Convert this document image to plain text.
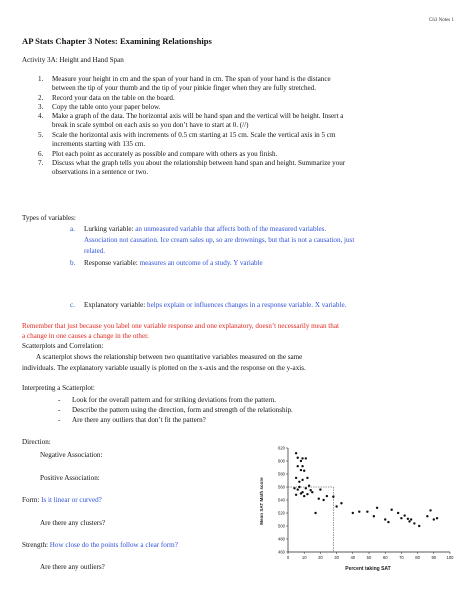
Ch3 Notes 1
AP Stats Chapter 3 Notes: Examining Relationships
Activity 3A: Height and Hand Span
1. Measure your height in cm and the span of your hand in cm. The span of your hand is the distance
between the tip of your thumb and the tip of your pinkie finger when they are fully stretched.
2. Record your data on the table on the board.
3. Copy the table onto your paper below.
4. Make a graph of the data. The horizontal axis will be hand span and the vertical will be height. Insert a
break in scale symbol on each axis so you don’t have to start at 0. (//)
5. Scale the horizontal axis with increments of 0.5 cm starting at 15 cm. Scale the vertical axis in 5 cm
increments starting with 135 cm.
6. Plot each point as accurately as possible and compare with others as you finish.
7. Discuss what the graph tells you about the relationship between hand span and height. Summarize your
observations in a sentence or two.
Types of variables:
a. Lurking variable: an unmeasured variable that affects both of the measured variables.
Association not causation. Ice cream sales up, so are drownings, but that is not a causation, just
related.
b. Response variable: measures an outcome of a study. Y variable
c. Explanatory variable: helps explain or influences changes in a response variable. X variable.
Remember that just because you label one variable response and one explanatory, doesn’t necessarily mean that
a change in one causes a change in the other.
Scatterplots and Correlation:
A scatterplot shows the relationship between two quantitative variables measured on the same
individuals. The explanatory variable usually is plotted on the x-axis and the response on the y-axis.
Interpreting a Scatterplot:
- Look for the overall pattern and for striking deviations from the pattern.
- Describe the pattern using the direction, form and strength of the relationship.
- Are there any outliers that don’t fit the pattern?
Direction:
Negative Association:
Positive Association:
Form: Is it linear or curved?
Are there any clusters?
Strength: How close do the points follow a clear form?
Are there any outliers?
0	10	20	30	40	50	60	70	80	90 100
460
480
500
520
540
560
580
600
620
Percent taking SAT
Mean SAT Math score
